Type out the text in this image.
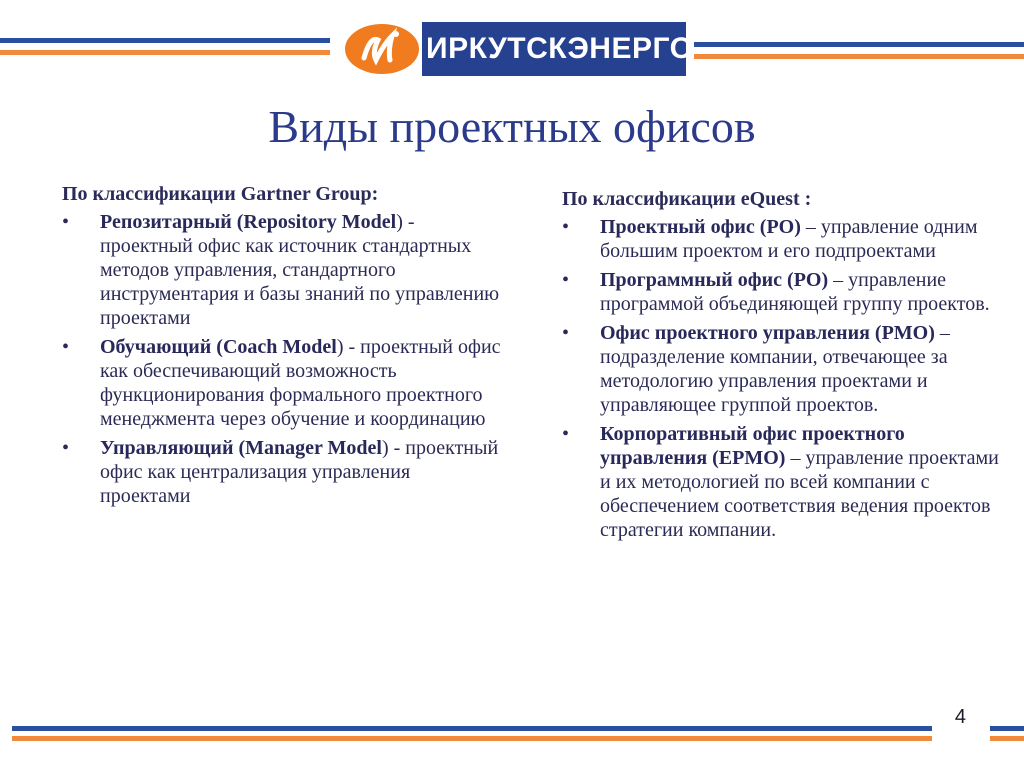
ИРКУТСКЭНЕРГО
Виды проектных офисов
По классификации Gartner Group:
• Репозитарный (Repository Model) - проектный офис как источник стандартных методов управления, стандартного инструментария и базы знаний по управлению проектами
• Обучающий (Coach Model) - проектный офис как обеспечивающий возможность функционирования формального проектного менеджмента через обучение и координацию
• Управляющий (Manager Model) - проектный офис как централизация управления проектами
По классификации eQuest :
• Проектный офис (PO) – управление одним большим проектом и его подпроектами
• Программный офис (PO) – управление программой объединяющей группу проектов.
• Офис проектного управления (PMO) – подразделение компании, отвечающее за методологию управления проектами и управляющее группой проектов.
• Корпоративный офис проектного управления (EPMO) – управление проектами и их методологией по всей компании с обеспечением соответствия ведения проектов стратегии компании.
4
